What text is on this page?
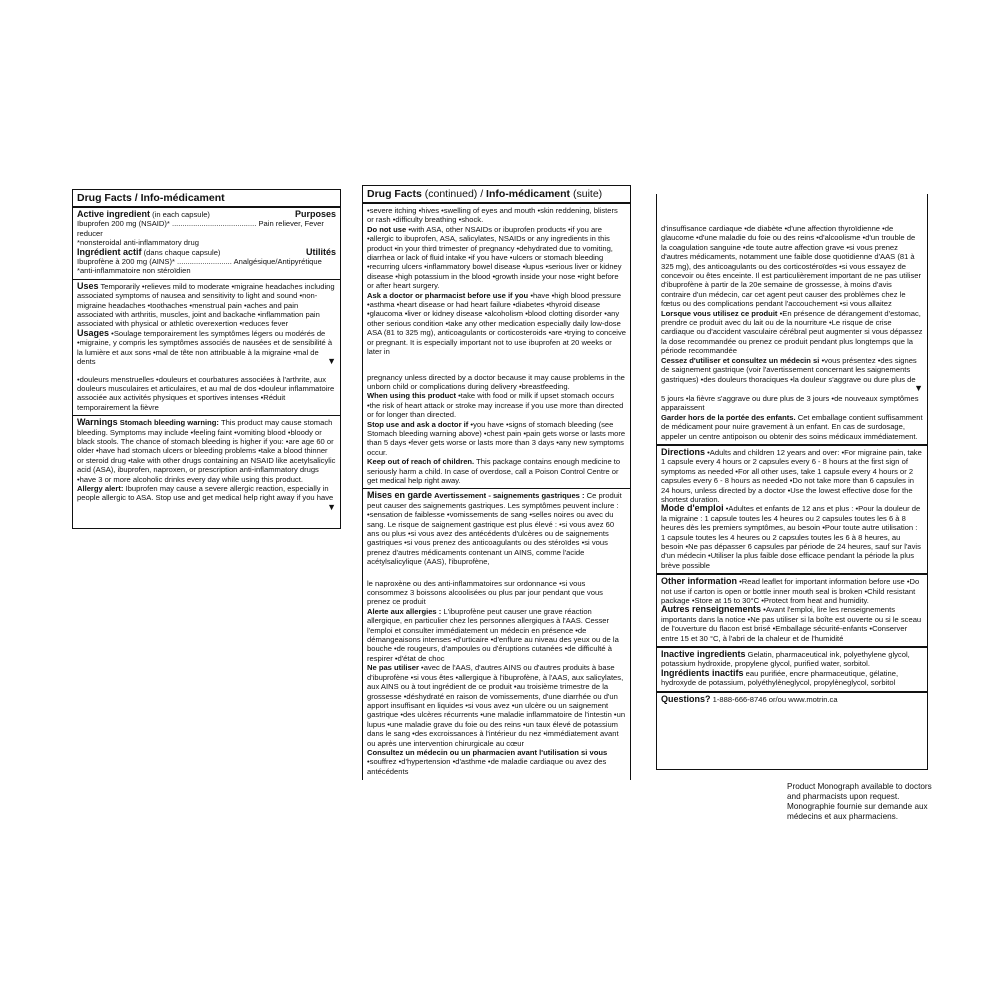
Drug Facts / Info-médicament
Active ingredient (in each capsule)	Purposes

Ibuprofen 200 mg (NSAID)* ........................................ Pain reliever, Fever reducer

*nonsteroidal anti-inflammatory drug

Ingrédient actif (dans chaque capsule)	Utilités

Ibuprofène à 200 mg (AINS)* .......................... Analgésique/Antipyrétique

*anti-inflammatoire non stéroïdien

Uses Temporarily •relieves mild to moderate •migraine headaches including associated symptoms of nausea and sensitivity to light and sound •non-migraine headaches •toothaches •menstrual pain •aches and pain associated with arthritis, muscles, joint and backache •inflammation pain associated with physical or athletic overexertion •reduces fever

Usages •Soulage temporairement les symptômes légers ou modérés de •migraine, y compris les symptômes associés de nausées et de sensibilité à la lumière et aux sons •mal de tête non attribuable à la migraine •mal de dents	▼

•douleurs menstruelles •douleurs et courbatures associées à l'arthrite, aux douleurs musculaires et articulaires, et au mal de dos •douleur inflammatoire associée aux activités physiques et sportives intenses •Réduit temporairement la fièvre

Warnings Stomach bleeding warning: This product may cause stomach bleeding. Symptoms may include •feeling faint •vomiting blood •bloody or black stools. The chance of stomach bleeding is higher if you: •are age 60 or older •have had stomach ulcers or bleeding problems •take a blood thinner or steroid drug •take with other drugs containing an NSAID like acetylsalicylic acid (ASA), ibuprofen, naproxen, or prescription anti-inflammatory drugs •have 3 or more alcoholic drinks every day while using this product.

Allergy alert: Ibuprofen may cause a severe allergic reaction, especially in people allergic to ASA. Stop use and get medical help right away if you have
▼

Drug Facts (continued) / Info-médicament (suite)

•severe itching •hives •swelling of eyes and mouth •skin reddening, blisters or rash •difficulty breathing •shock.

Do not use •with ASA, other NSAIDs or ibuprofen products •if you are •allergic to ibuprofen, ASA, salicylates, NSAIDs or any ingredients in this product •in your third trimester of pregnancy •dehydrated due to vomiting, diarrhea or lack of fluid intake •if you have •ulcers or stomach bleeding •recurring ulcers •inflammatory bowel disease •lupus •serious liver or kidney disease •high potassium in the blood •growth inside your nose •right before or after heart surgery.

Ask a doctor or pharmacist before use if you •have •high blood pressure •asthma •heart disease or had heart failure •diabetes •thyroid disease •glaucoma •liver or kidney disease •alcoholism •blood clotting disorder •any other serious condition •take any other medication especially daily low-dose ASA (81 to 325 mg), anticoagulants or corticosteroids •are •trying to conceive or pregnant. It is especially important not to use ibuprofen at 20 weeks or later in

pregnancy unless directed by a doctor because it may cause problems in the unborn child or complications during delivery •breastfeeding.

When using this product •take with food or milk if upset stomach occurs •the risk of heart attack or stroke may increase if you use more than directed or for longer than directed.

Stop use and ask a doctor if •you have •signs of stomach bleeding (see Stomach bleeding warning above) •chest pain •pain gets worse or lasts more than 5 days •fever gets worse or lasts more than 3 days •any new symptoms occur.

Keep out of reach of children. This package contains enough medicine to seriously harm a child. In case of overdose, call a Poison Control Centre or get medical help right away.

Mises en garde Avertissement - saignements gastriques : Ce produit peut causer des saignements gastriques. Les symptômes peuvent inclure : •sensation de faiblesse •vomissements de sang •selles noires ou avec du sang. Le risque de saignement gastrique est plus élevé : •si vous avez 60 ans ou plus •si vous avez des antécédents d'ulcères ou de saignements gastriques •si vous prenez des anticoagulants ou des stéroïdes •si vous prenez d'autres médicaments contenant un AINS, comme l'acide acétylsalicylique (AAS), l'ibuprofène,

le naproxène ou des anti-inflammatoires sur ordonnance •si vous consommez 3 boissons alcoolisées ou plus par jour pendant que vous prenez ce produit

Alerte aux allergies : L'ibuprofène peut causer une grave réaction allergique, en particulier chez les personnes allergiques à l'AAS. Cesser l'emploi et consulter immédiatement un médecin en présence •de démangeaisons intenses •d'urticaire •d'enflure au niveau des yeux ou de la bouche •de rougeurs, d'ampoules ou d'éruptions cutanées •de difficulté à respirer •d'état de choc

Ne pas utiliser •avec de l'AAS, d'autres AINS ou d'autres produits à base d'ibuprofène •si vous êtes •allergique à l'ibuprofène, à l'AAS, aux salicylates, aux AINS ou à tout ingrédient de ce produit •au troisième trimestre de la grossesse •déshydraté en raison de vomissements, d'une diarrhée ou d'un apport insuffisant en liquides •si vous avez •un ulcère ou un saignement gastrique •des ulcères récurrents •une maladie inflammatoire de l'intestin •un lupus •une maladie grave du foie ou des reins •un taux élevé de potassium dans le sang •des excroissances à l'intérieur du nez •immédiatement avant ou après une intervention chirurgicale au cœur

Consultez un médecin ou un pharmacien avant l'utilisation si vous •souffrez •d'hypertension •d'asthme •de maladie cardiaque ou avez des antécédents

d'insuffisance cardiaque •de diabète •d'une affection thyroïdienne •de glaucome •d'une maladie du foie ou des reins •d'alcoolisme •d'un trouble de la coagulation sanguine •de toute autre affection grave •si vous prenez d'autres médicaments, notamment une faible dose quotidienne d'AAS (81 à 325 mg), des anticoagulants ou des corticostéroïdes •si vous essayez de concevoir ou êtes enceinte. Il est particulièrement important de ne pas utiliser d'ibuprofène à partir de la 20e semaine de grossesse, à moins d'avis contraire d'un médecin, car cet agent peut causer des problèmes chez le fœtus ou des complications pendant l'accouchement •si vous allaitez

Lorsque vous utilisez ce produit •En présence de dérangement d'estomac, prendre ce produit avec du lait ou de la nourriture •Le risque de crise cardiaque ou d'accident vasculaire cérébral peut augmenter si vous dépassez la dose recommandée ou prenez ce produit pendant plus longtemps que la période recommandée

Cessez d'utiliser et consultez un médecin si •vous présentez •des signes de saignement gastrique (voir l'avertissement concernant les saignements gastriques) •des douleurs thoraciques •la douleur s'aggrave ou dure plus de
▼

5 jours •la fièvre s'aggrave ou dure plus de 3 jours •de nouveaux symptômes apparaissent

Garder hors de la portée des enfants. Cet emballage contient suffisamment de médicament pour nuire gravement à un enfant. En cas de surdosage, appeler un centre antipoison ou obtenir des soins médicaux immédiatement.

Directions •Adults and children 12 years and over: •For migraine pain, take 1 capsule every 4 hours or 2 capsules every 6 - 8 hours at the first sign of symptoms as needed •For all other uses, take 1 capsule every 4 hours or 2 capsules every 6 - 8 hours as needed •Do not take more than 6 capsules in 24 hours, unless directed by a doctor •Use the lowest effective dose for the shortest duration.

Mode d'emploi •Adultes et enfants de 12 ans et plus : •Pour la douleur de la migraine : 1 capsule toutes les 4 heures ou 2 capsules toutes les 6 à 8 heures dès les premiers symptômes, au besoin •Pour toute autre utilisation : 1 capsule toutes les 4 heures ou 2 capsules toutes les 6 à 8 heures, au besoin •Ne pas dépasser 6 capsules par période de 24 heures, sauf sur l'avis d'un médecin •Utiliser la plus faible dose efficace pendant la période la plus brève possible

Other information •Read leaflet for important information before use •Do not use if carton is open or bottle inner mouth seal is broken •Child resistant package •Store at 15 to 30°C •Protect from heat and humidity.

Autres renseignements •Avant l'emploi, lire les renseignements importants dans la notice •Ne pas utiliser si la boîte est ouverte ou si le sceau de l'ouverture du flacon est brisé •Emballage sécurité-enfants •Conserver entre 15 et 30 °C, à l'abri de la chaleur et de l'humidité

Inactive ingredients Gelatin, pharmaceutical ink, polyethylene glycol, potassium hydroxide, propylene glycol, purified water, sorbitol.

Ingrédients inactifs eau purifiée, encre pharmaceutique, gélatine, hydroxyde de potassium, polyéthylèneglycol, propylèneglycol, sorbitol

Questions? 1-888-666-8746 or/ou www.motrin.ca

Product Monograph available to doctors and pharmacists upon request.

Monographie fournie sur demande aux médecins et aux pharmaciens.
